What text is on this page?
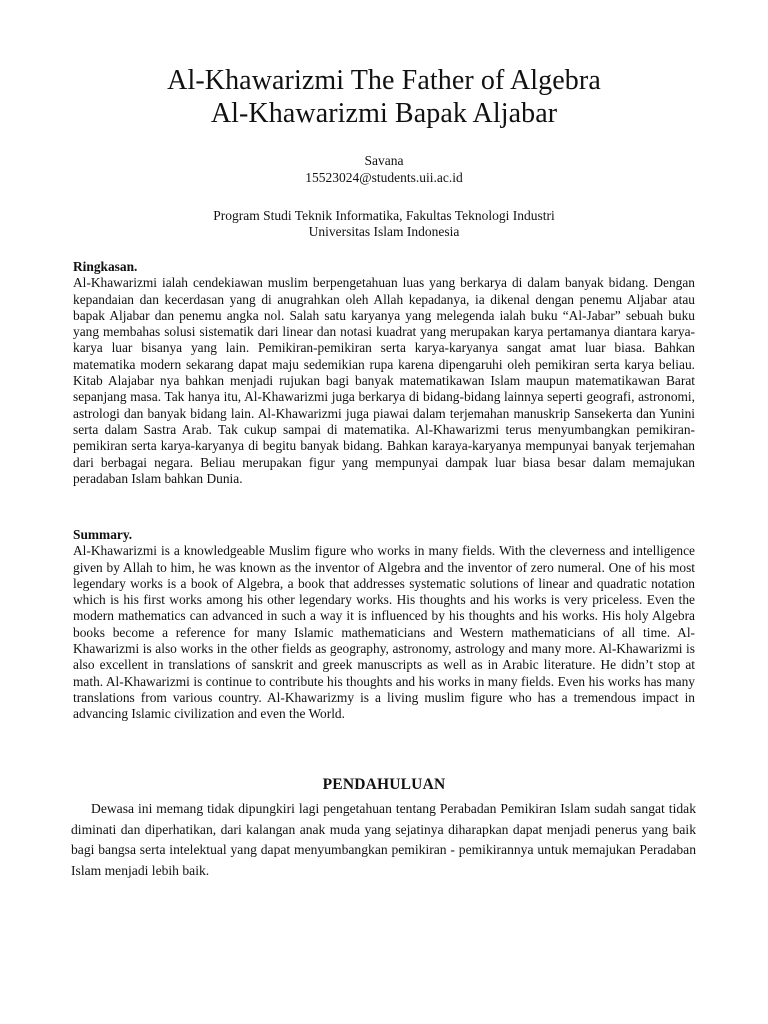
Al-Khawarizmi The Father of Algebra
Al-Khawarizmi Bapak Aljabar
Savana
15523024@students.uii.ac.id
Program Studi Teknik Informatika, Fakultas Teknologi Industri
Universitas Islam Indonesia
Ringkasan.

Al-Khawarizmi ialah cendekiawan muslim berpengetahuan luas yang berkarya di dalam banyak bidang. Dengan kepandaian dan kecerdasan yang di anugrahkan oleh Allah kepadanya, ia dikenal dengan penemu Aljabar atau bapak Aljabar dan penemu angka nol. Salah satu karyanya yang melegenda ialah buku “Al-Jabar” sebuah buku yang membahas solusi sistematik dari linear dan notasi kuadrat yang merupakan karya pertamanya diantara karya-karya luar bisanya yang lain. Pemikiran-pemikiran serta karya-karyanya sangat amat luar biasa. Bahkan matematika modern sekarang dapat maju sedemikian rupa karena dipengaruhi oleh pemikiran serta karya beliau. Kitab Alajabar nya bahkan menjadi rujukan bagi banyak matematikawan Islam maupun matematikawan Barat sepanjang masa. Tak hanya itu, Al-Khawarizmi juga berkarya di bidang-bidang lainnya seperti geografi, astronomi, astrologi dan banyak bidang lain. Al-Khawarizmi juga piawai dalam terjemahan manuskrip Sansekerta dan Yunini serta dalam Sastra Arab. Tak cukup sampai di matematika. Al-Khawarizmi terus menyumbangkan pemikiran-pemikiran serta karya-karyanya di begitu banyak bidang. Bahkan karaya-karyanya mempunyai banyak terjemahan dari berbagai negara. Beliau merupakan figur yang mempunyai dampak luar biasa besar dalam memajukan peradaban Islam bahkan Dunia.

Summary.

Al-Khawarizmi is a knowledgeable Muslim figure who works in many fields. With the cleverness and intelligence given by Allah to him, he was known as the inventor of Algebra and the inventor of zero numeral. One of his most legendary works is a book of Algebra, a book that addresses systematic solutions of linear and quadratic notation which is his first works among his other legendary works. His thoughts and his works is very priceless. Even the modern mathematics can advanced in such a way it is influenced by his thoughts and his works. His holy Algebra books become a reference for many Islamic mathematicians and Western mathematicians of all time. Al-Khawarizmi is also works in the other fields as geography, astronomy, astrology and many more. Al-Khawarizmi is also excellent in translations of sanskrit and greek manuscripts as well as in Arabic literature. He didn’t stop at math. Al-Khawarizmi is continue to contribute his thoughts and his works in many fields. Even his works has many translations from various country. Al-Khawarizmy is a living muslim figure who has a tremendous impact in advancing Islamic civilization and even the World.

PENDAHULUAN

Dewasa ini memang tidak dipungkiri lagi pengetahuan tentang Perabadan Pemikiran Islam sudah sangat tidak diminati dan diperhatikan, dari kalangan anak muda yang sejatinya diharapkan dapat menjadi penerus yang baik bagi bangsa serta intelektual yang dapat menyumbangkan pemikiran - pemikirannya untuk memajukan Peradaban Islam menjadi lebih baik.
